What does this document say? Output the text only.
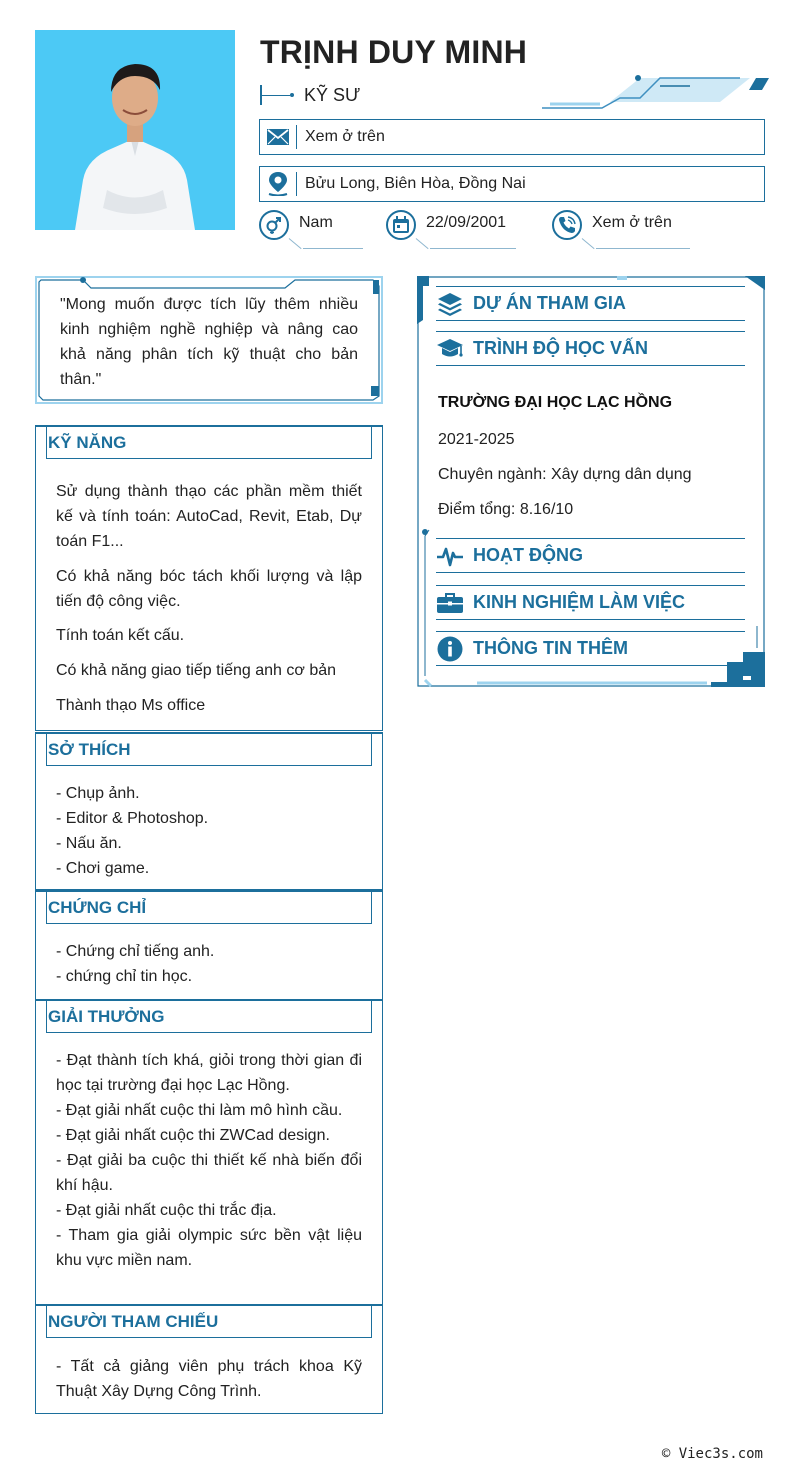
TRỊNH DUY MINH
KỸ SƯ
Xem ở trên
Bửu Long, Biên Hòa, Đồng Nai
Nam	22/09/2001	Xem ở trên
"Mong muốn được tích lũy thêm nhiều kinh nghiệm nghề nghiệp và nâng cao khả năng phân tích kỹ thuật cho bản thân."
KỸ NĂNG

Sử dụng thành thạo các phần mềm thiết kế và tính toán: AutoCad, Revit, Etab, Dự toán F1...

Có khả năng bóc tách khối lượng và lập tiến độ công việc.

Tính toán kết cấu.

Có khả năng giao tiếp tiếng anh cơ bản

Thành thạo Ms office

SỞ THÍCH

- Chụp ảnh.

- Editor & Photoshop.

- Nấu ăn.

- Chơi game.

CHỨNG CHỈ

- Chứng chỉ tiếng anh.

- chứng chỉ tin học.

GIẢI THƯỞNG

- Đạt thành tích khá, giỏi trong thời gian đi học tại trường đại học Lạc Hồng.

- Đạt giải nhất cuộc thi làm mô hình cầu.

- Đạt giải nhất cuộc thi ZWCad design.

- Đạt giải ba cuộc thi thiết kế nhà biến đổi khí hậu.

- Đạt giải nhất cuộc thi trắc địa.

- Tham gia giải olympic sức bền vật liệu khu vực miền nam.

NGƯỜI THAM CHIẾU

- Tất cả giảng viên phụ trách khoa Kỹ Thuật Xây Dựng Công Trình.

DỰ ÁN THAM GIA
TRÌNH ĐỘ HỌC VẤN
TRƯỜNG ĐẠI HỌC LẠC HỒNG
2021-2025
Chuyên ngành: Xây dựng dân dụng
Điểm tổng: 8.16/10
HOẠT ĐỘNG
KINH NGHIỆM LÀM VIỆC
THÔNG TIN THÊM
© Viec3s.com
